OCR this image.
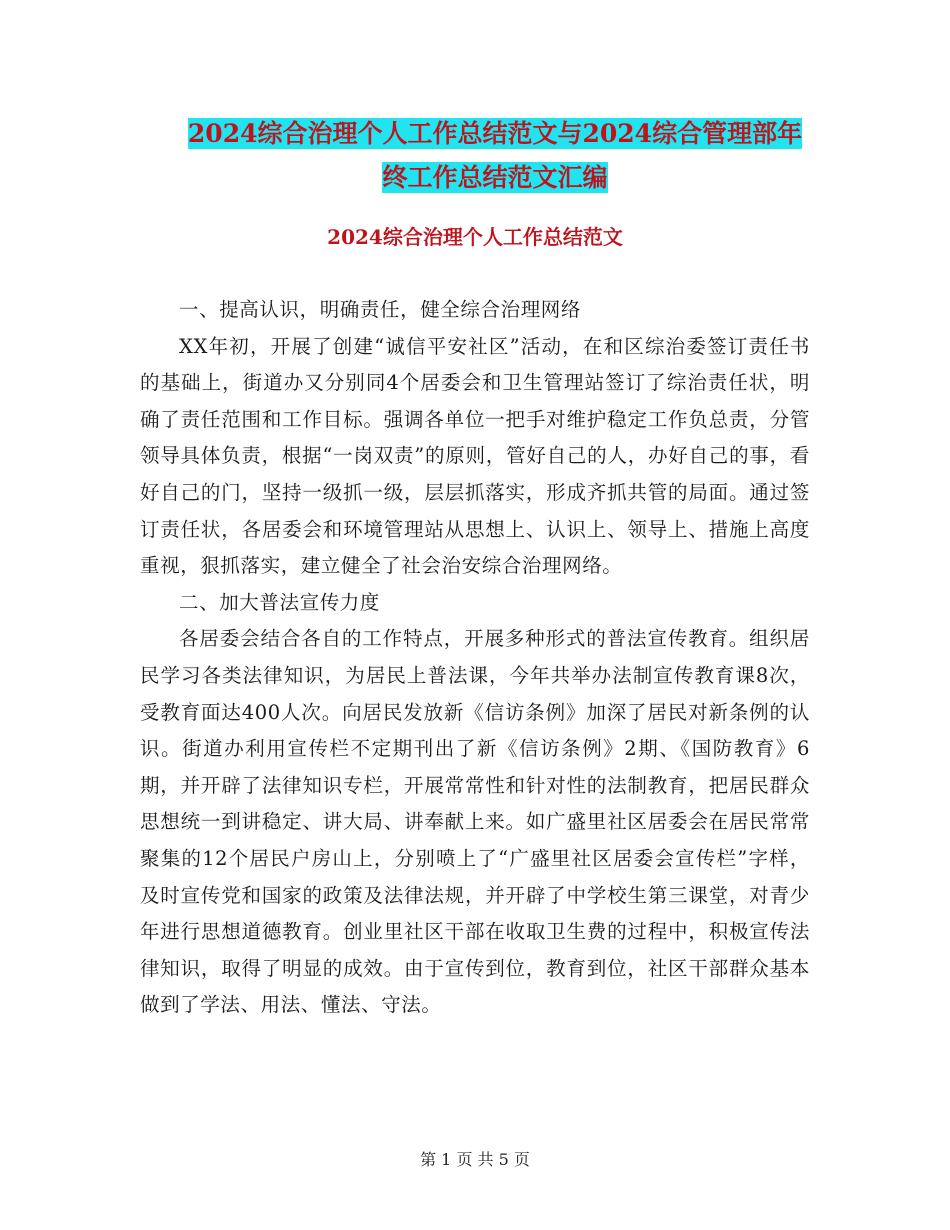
2024综合治理个人工作总结范文与2024综合管理部年
终工作总结范文汇编
2024综合治理个人工作总结范文

一、提高认识，明确责任，健全综合治理网络

XX年初，开展了创建“诚信平安社区”活动，在和区综治委签订责任书的基础上，街道办又分别同4个居委会和卫生管理站签订了综治责任状，明确了责任范围和工作目标。强调各单位一把手对维护稳定工作负总责，分管领导具体负责，根据“一岗双责”的原则，管好自己的人，办好自己的事，看好自己的门，坚持一级抓一级，层层抓落实，形成齐抓共管的局面。通过签订责任状，各居委会和环境管理站从思想上、认识上、领导上、措施上高度重视，狠抓落实，建立健全了社会治安综合治理网络。

二、加大普法宣传力度

各居委会结合各自的工作特点，开展多种形式的普法宣传教育。组织居民学习各类法律知识，为居民上普法课，今年共举办法制宣传教育课8次，受教育面达400人次。向居民发放新《信访条例》加深了居民对新条例的认识。街道办利用宣传栏不定期刊出了新《信访条例》2期、《国防教育》6期，并开辟了法律知识专栏，开展常常性和针对性的法制教育，把居民群众思想统一到讲稳定、讲大局、讲奉献上来。如广盛里社区居委会在居民常常聚集的12个居民户房山上，分别喷上了“广盛里社区居委会宣传栏”字样，及时宣传党和国家的政策及法律法规，并开辟了中学校生第三课堂，对青少年进行思想道德教育。创业里社区干部在收取卫生费的过程中，积极宣传法律知识，取得了明显的成效。由于宣传到位，教育到位，社区干部群众基本做到了学法、用法、懂法、守法。

第 1 页 共 5 页
